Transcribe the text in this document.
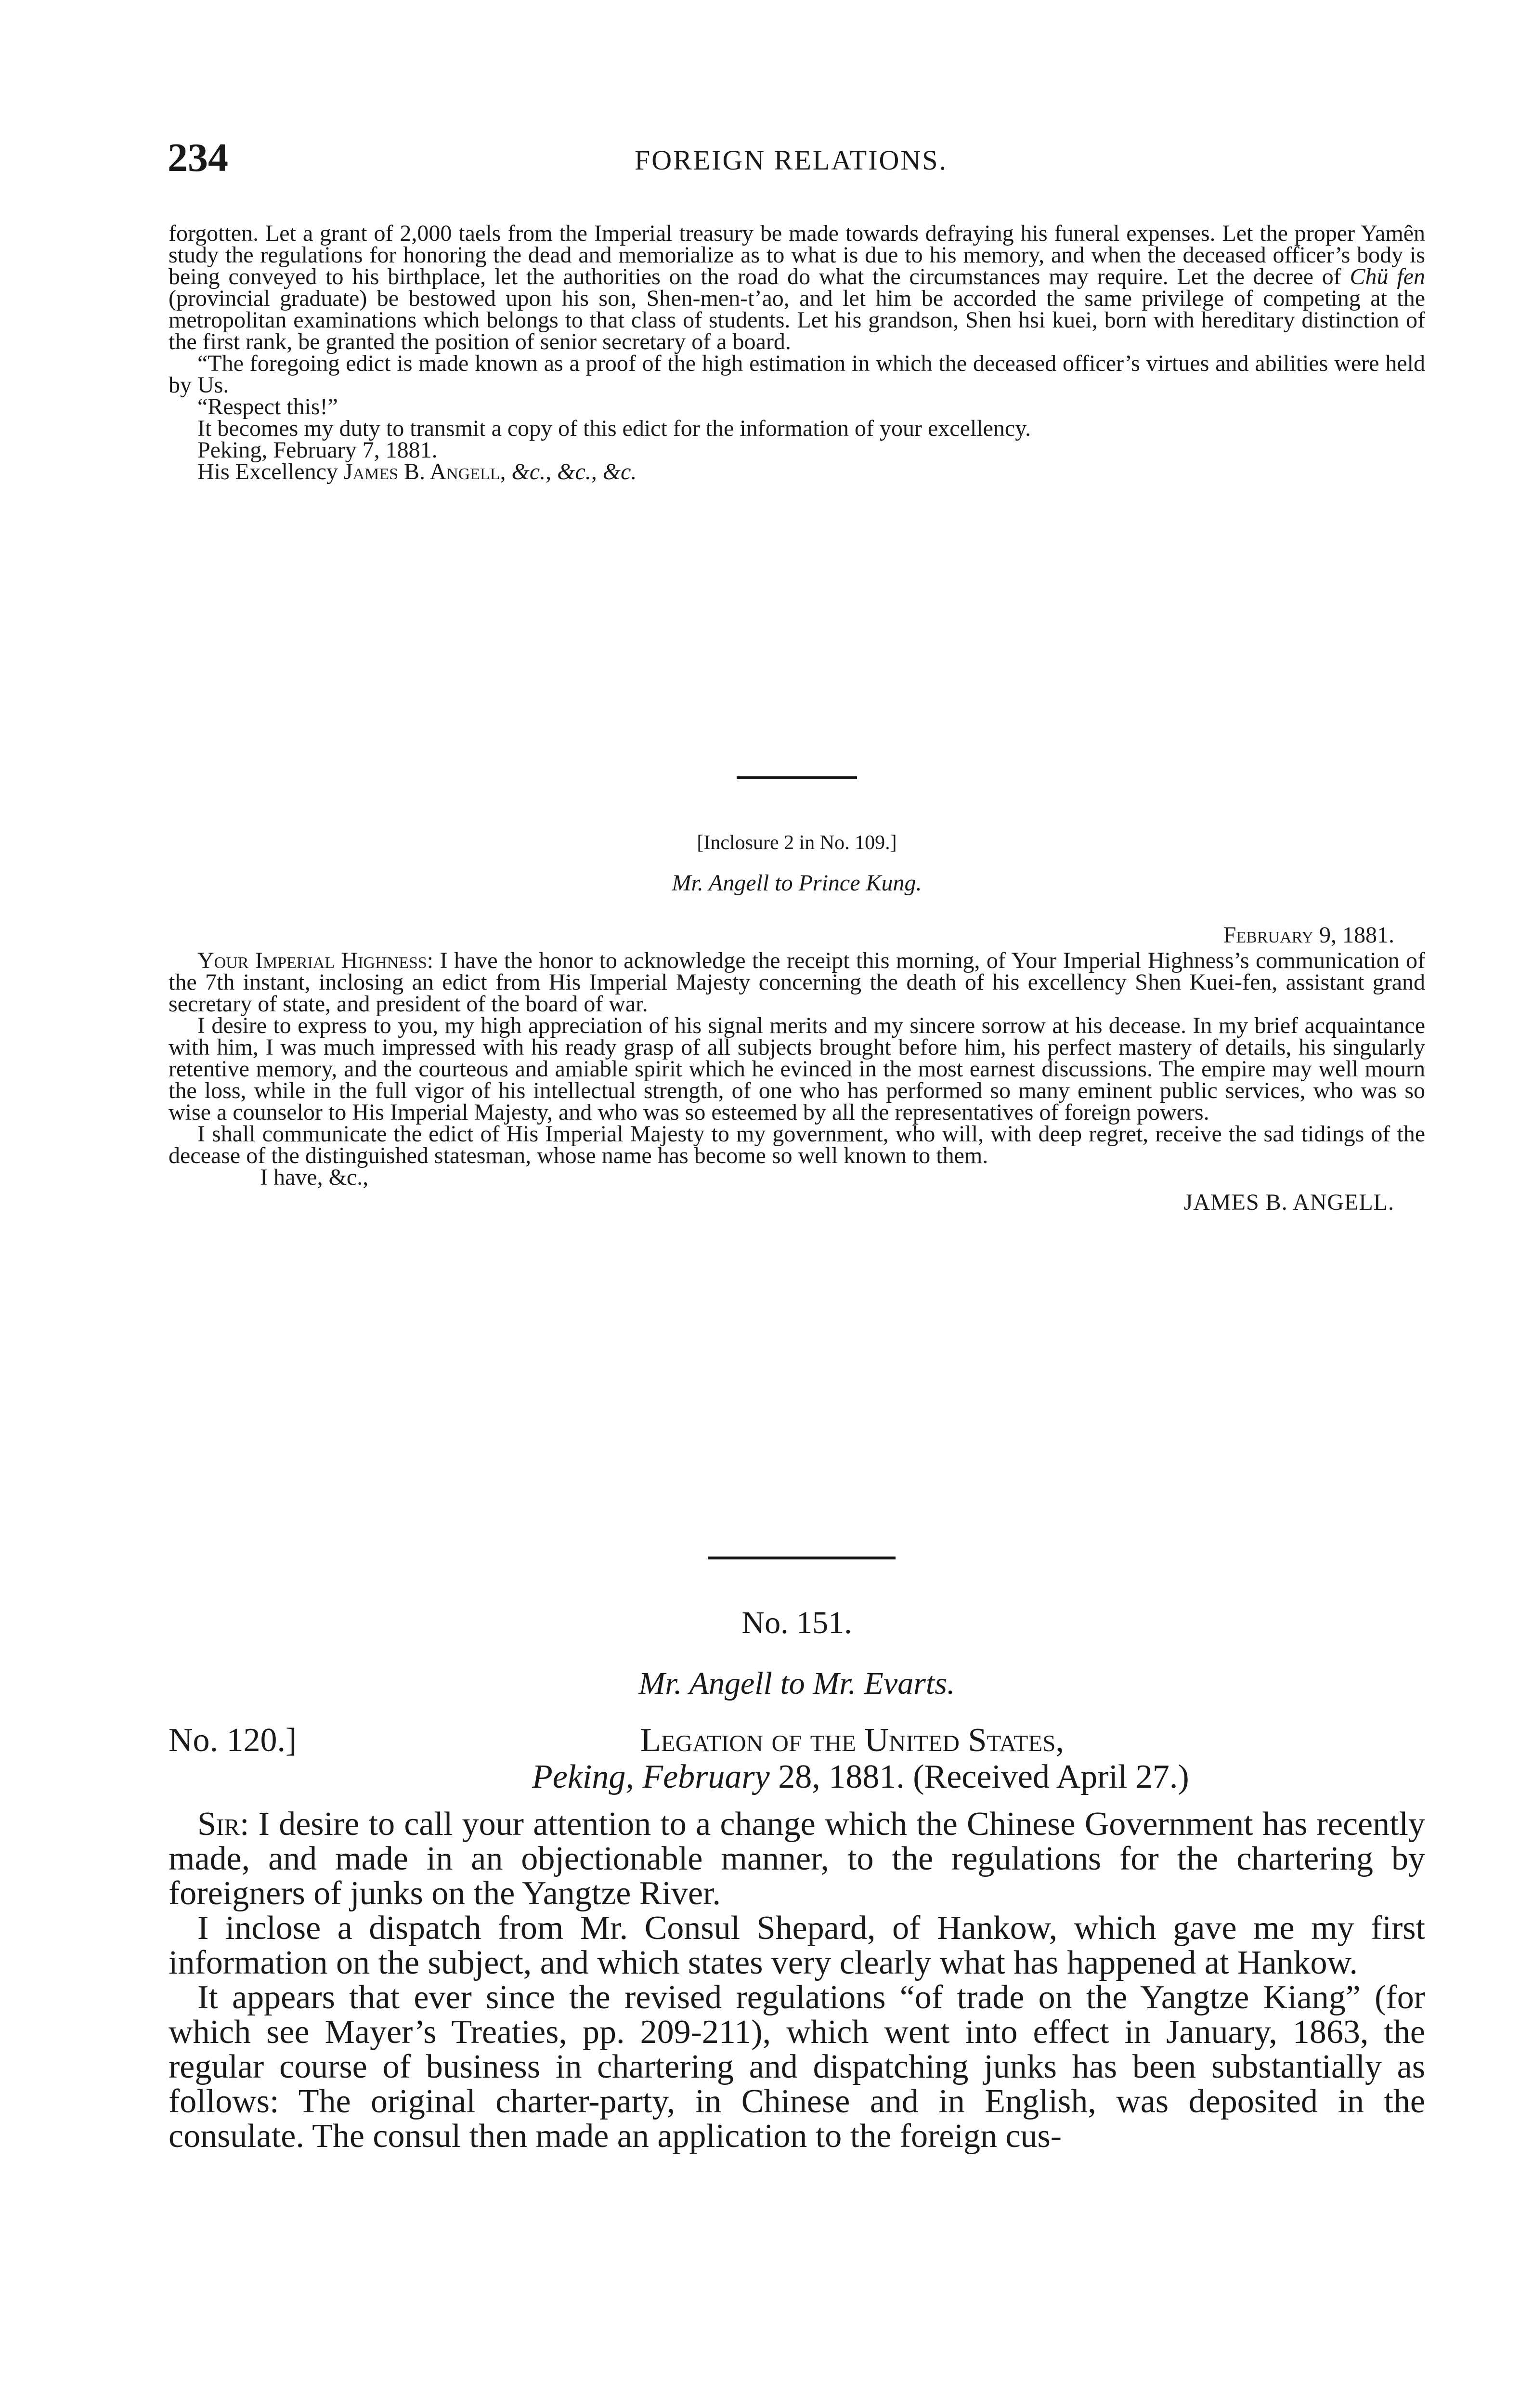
234	FOREIGN RELATIONS.

forgotten. Let a grant of 2,000 taels from the Imperial treasury be made towards defraying his funeral expenses. Let the proper Yamên study the regulations for honoring the dead and memorialize as to what is due to his memory, and when the deceased officer’s body is being conveyed to his birthplace, let the authorities on the road do what the circumstances may require. Let the decree of Chü fen (provincial graduate) be bestowed upon his son, Shen-men-t’ao, and let him be accorded the same privilege of competing at the metropolitan examinations which belongs to that class of students. Let his grandson, Shen hsi kuei, born with hereditary distinction of the first rank, be granted the position of senior secretary of a board.

“The foregoing edict is made known as a proof of the high estimation in which the deceased officer’s virtues and abilities were held by Us.

“Respect this!”

It becomes my duty to transmit a copy of this edict for the information of your excellency.

Peking, February 7, 1881.

His Excellency James B. Angell, &c., &c., &c.

[Inclosure 2 in No. 109.]

Mr. Angell to Prince Kung.

February 9, 1881.

Your Imperial Highness: I have the honor to acknowledge the receipt this morning, of Your Imperial Highness’s communication of the 7th instant, inclosing an edict from His Imperial Majesty concerning the death of his excellency Shen Kuei-fen, assistant grand secretary of state, and president of the board of war.

I desire to express to you, my high appreciation of his signal merits and my sincere sorrow at his decease. In my brief acquaintance with him, I was much impressed with his ready grasp of all subjects brought before him, his perfect mastery of details, his singularly retentive memory, and the courteous and amiable spirit which he evinced in the most earnest discussions. The empire may well mourn the loss, while in the full vigor of his intellectual strength, of one who has performed so many eminent public services, who was so wise a counselor to His Imperial Majesty, and who was so esteemed by all the representatives of foreign powers.

I shall communicate the edict of His Imperial Majesty to my government, who will, with deep regret, receive the sad tidings of the decease of the distinguished statesman, whose name has become so well known to them.

I have, &c.,

JAMES B. ANGELL.

No. 151.

Mr. Angell to Mr. Evarts.

No. 120.]	Legation of the United States,
Peking, February 28, 1881. (Received April 27.)

Sir: I desire to call your attention to a change which the Chinese Government has recently made, and made in an objectionable manner, to the regulations for the chartering by foreigners of junks on the Yangtze River.

I inclose a dispatch from Mr. Consul Shepard, of Hankow, which gave me my first information on the subject, and which states very clearly what has happened at Hankow.

It appears that ever since the revised regulations “of trade on the Yangtze Kiang” (for which see Mayer’s Treaties, pp. 209-211), which went into effect in January, 1863, the regular course of business in chartering and dispatching junks has been substantially as follows: The original charter-party, in Chinese and in English, was deposited in the consulate. The consul then made an application to the foreign cus-
